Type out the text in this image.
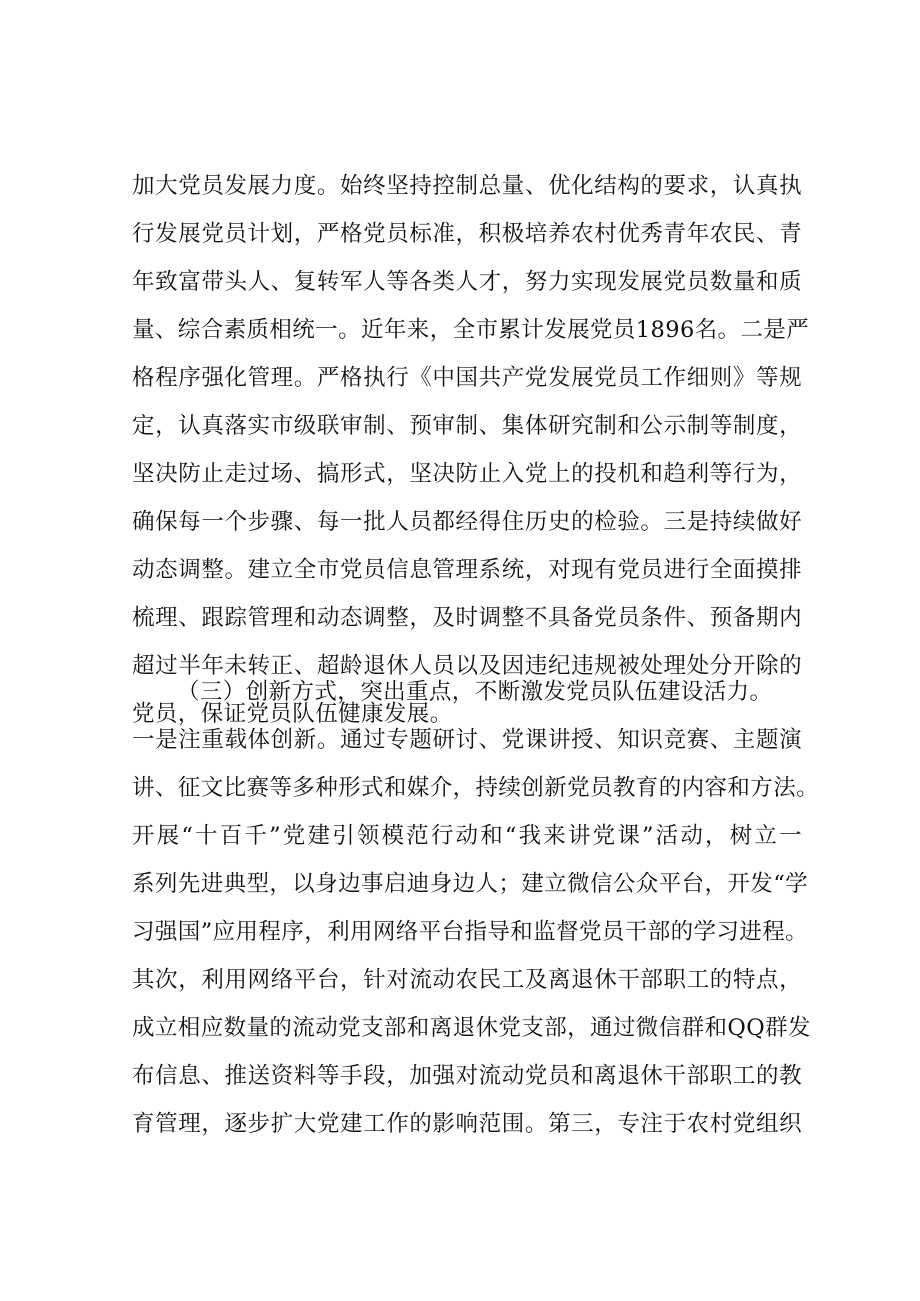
加大党员发展力度。始终坚持控制总量、优化结构的要求，认真执
行发展党员计划，严格党员标准，积极培养农村优秀青年农民、青
年致富带头人、复转军人等各类人才，努力实现发展党员数量和质
量、综合素质相统一。近年来，全市累计发展党员1896名。二是严
格程序强化管理。严格执行《中国共产党发展党员工作细则》等规
定，认真落实市级联审制、预审制、集体研究制和公示制等制度，
坚决防止走过场、搞形式，坚决防止入党上的投机和趋利等行为，
确保每一个步骤、每一批人员都经得住历史的检验。三是持续做好
动态调整。建立全市党员信息管理系统，对现有党员进行全面摸排
梳理、跟踪管理和动态调整，及时调整不具备党员条件、预备期内
超过半年未转正、超龄退休人员以及因违纪违规被处理处分开除的
党员，保证党员队伍健康发展。
（三）创新方式，突出重点，不断激发党员队伍建设活力。
一是注重载体创新。通过专题研讨、党课讲授、知识竞赛、主题演
讲、征文比赛等多种形式和媒介，持续创新党员教育的内容和方法。
开展“十百千”党建引领模范行动和“我来讲党课”活动，树立一
系列先进典型，以身边事启迪身边人；建立微信公众平台，开发“学
习强国”应用程序，利用网络平台指导和监督党员干部的学习进程。
其次，利用网络平台，针对流动农民工及离退休干部职工的特点，
成立相应数量的流动党支部和离退休党支部，通过微信群和QQ群发
布信息、推送资料等手段，加强对流动党员和离退休干部职工的教
育管理，逐步扩大党建工作的影响范围。第三，专注于农村党组织
